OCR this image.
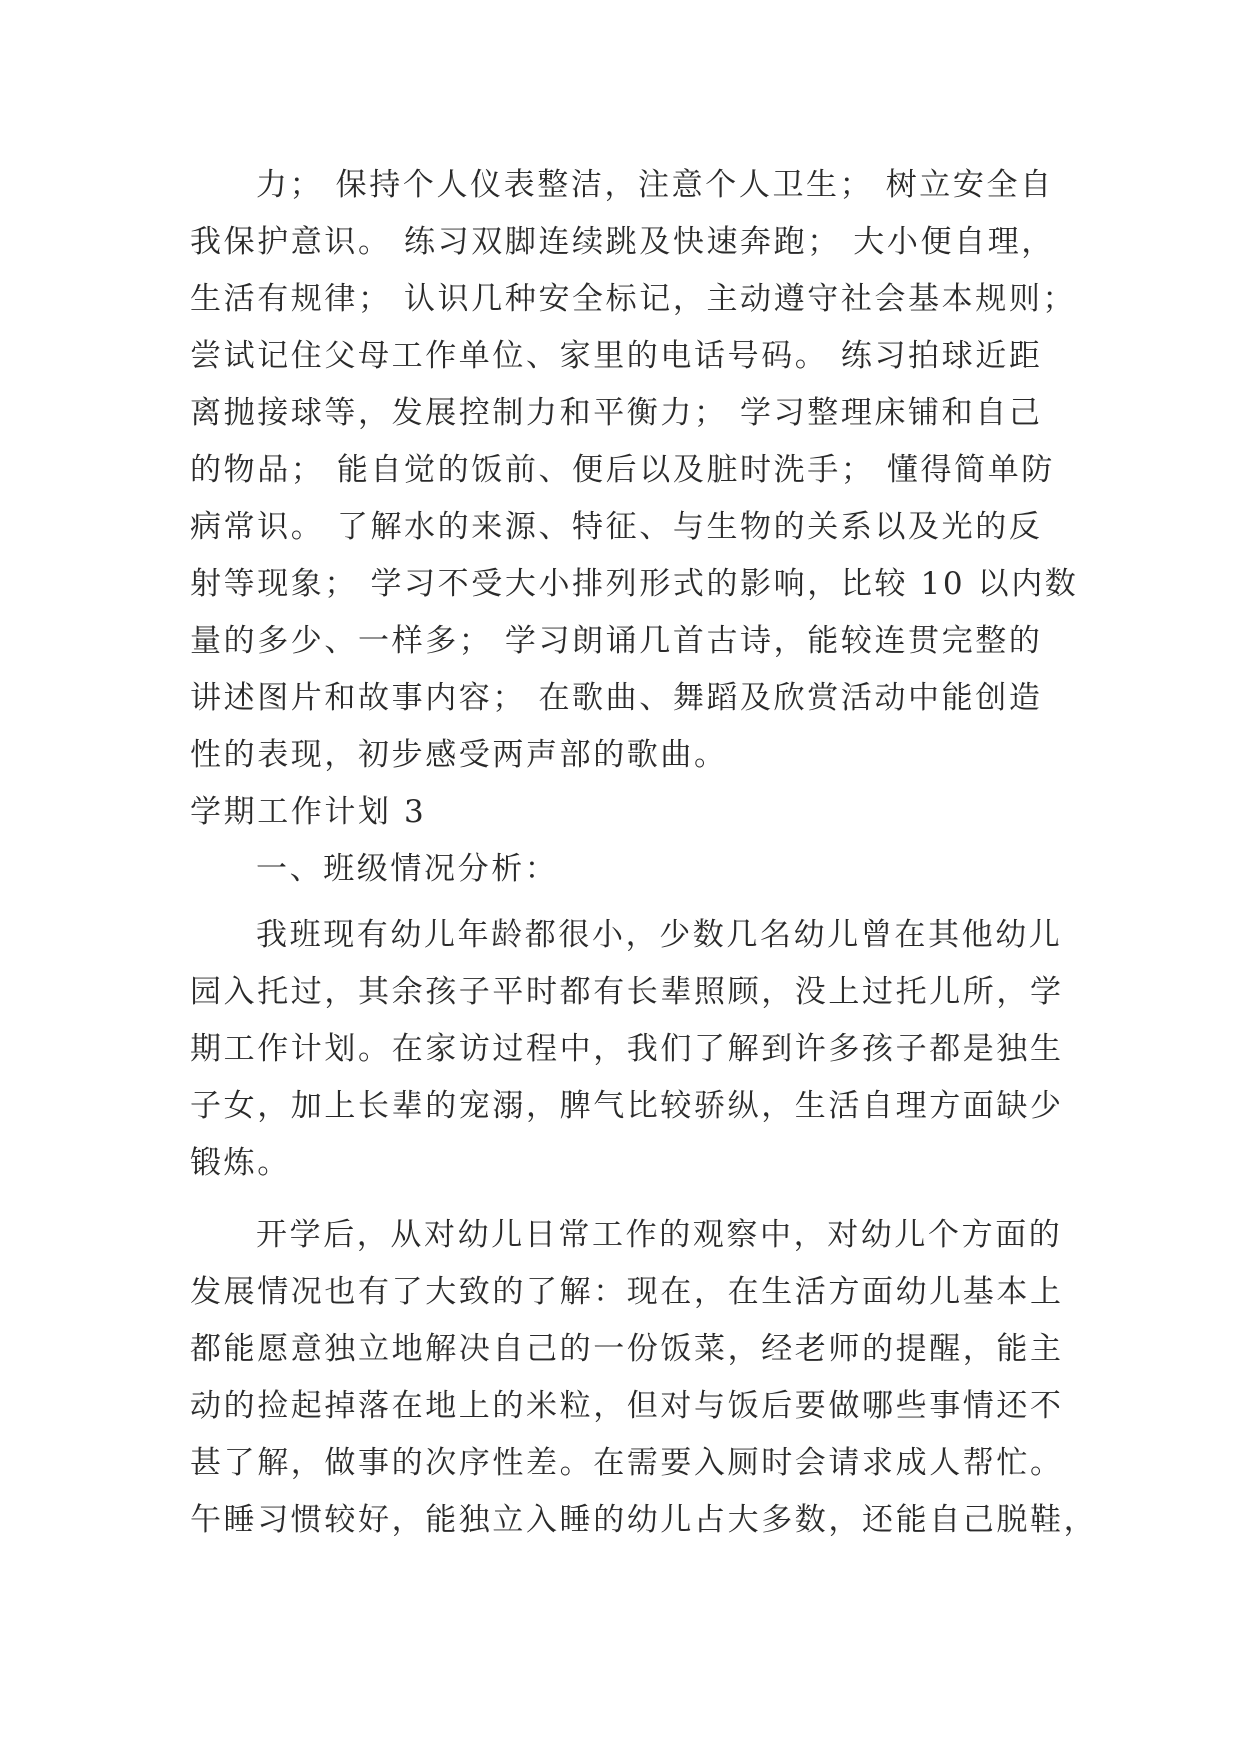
力； 保持个人仪表整洁，注意个人卫生； 树立安全自
我保护意识。 练习双脚连续跳及快速奔跑； 大小便自理，
生活有规律； 认识几种安全标记，主动遵守社会基本规则；
尝试记住父母工作单位、家里的电话号码。 练习拍球近距
离抛接球等，发展控制力和平衡力； 学习整理床铺和自己
的物品； 能自觉的饭前、便后以及脏时洗手； 懂得简单防
病常识。 了解水的来源、特征、与生物的关系以及光的反
射等现象； 学习不受大小排列形式的影响，比较 10 以内数
量的多少、一样多； 学习朗诵几首古诗，能较连贯完整的
讲述图片和故事内容； 在歌曲、舞蹈及欣赏活动中能创造
性的表现，初步感受两声部的歌曲。
学期工作计划 3
一、班级情况分析：
我班现有幼儿年龄都很小，少数几名幼儿曾在其他幼儿
园入托过，其余孩子平时都有长辈照顾，没上过托儿所，学
期工作计划。在家访过程中，我们了解到许多孩子都是独生
子女，加上长辈的宠溺，脾气比较骄纵，生活自理方面缺少
锻炼。
开学后，从对幼儿日常工作的观察中，对幼儿个方面的
发展情况也有了大致的了解：现在，在生活方面幼儿基本上
都能愿意独立地解决自己的一份饭菜，经老师的提醒，能主
动的捡起掉落在地上的米粒，但对与饭后要做哪些事情还不
甚了解，做事的次序性差。在需要入厕时会请求成人帮忙。
午睡习惯较好，能独立入睡的幼儿占大多数，还能自己脱鞋，
